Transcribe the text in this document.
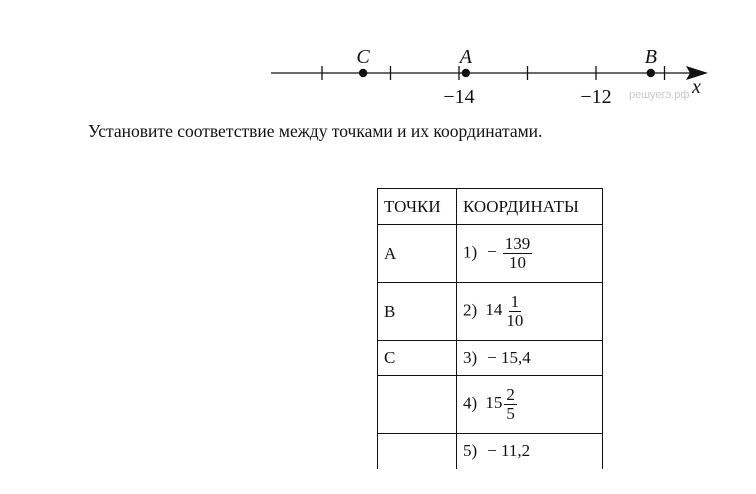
x
−14	−12
C	A	B
решуегэ.рф

Установите соответствие между точками и их координатами.

ТОЧКИ	КООРДИНАТЫ
A	$1) - \frac{139}{10}$

B	2) $14 \frac{1}{10}$

C	3) − 15,4
	4) $15 \frac{2}{5}$

	5) − 11,2
